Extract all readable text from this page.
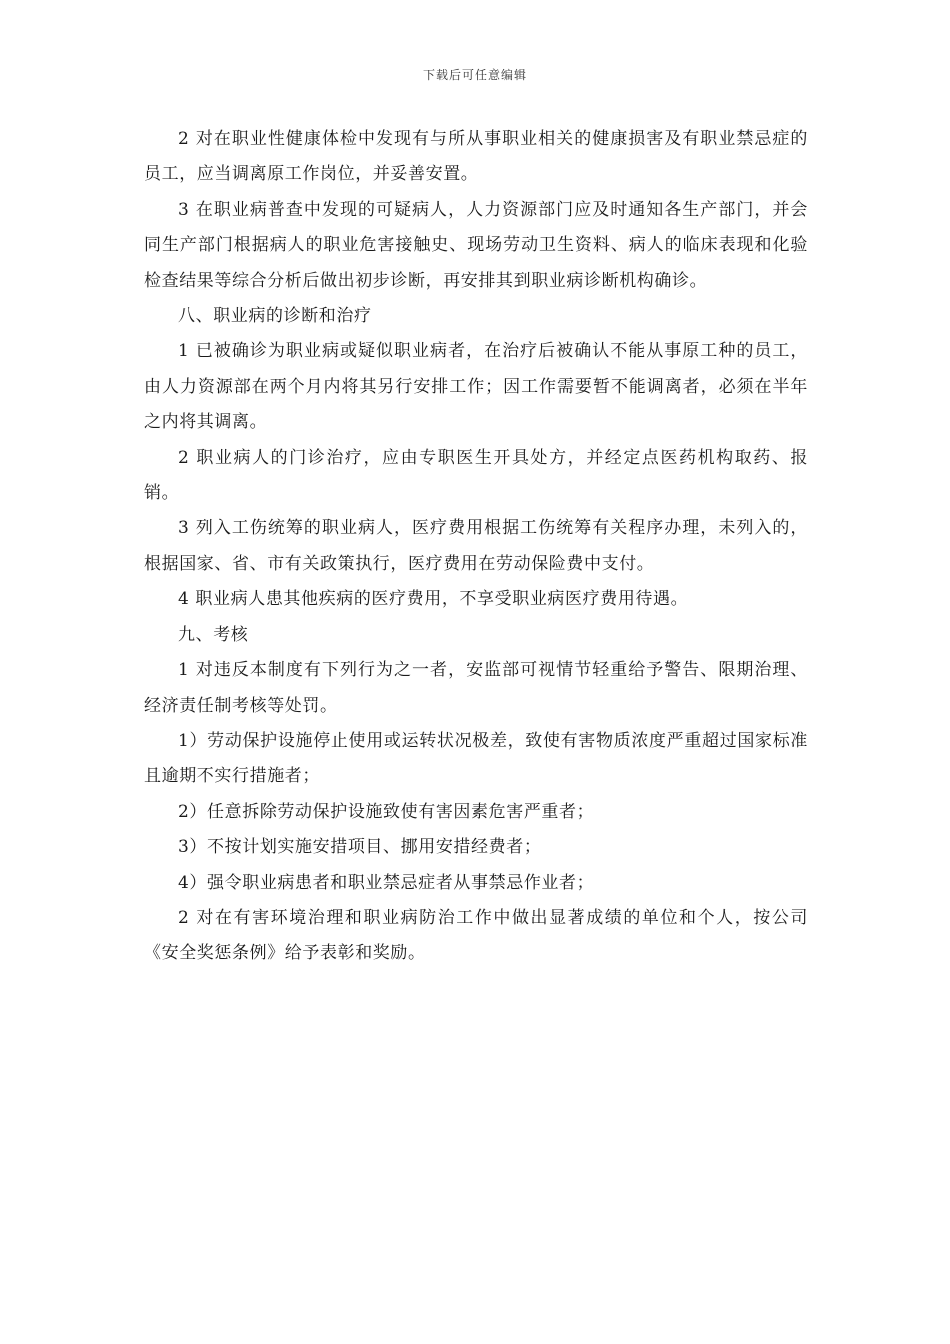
下载后可任意编辑

2 对在职业性健康体检中发现有与所从事职业相关的健康损害及有职业禁忌症的员工，应当调离原工作岗位，并妥善安置。

3 在职业病普查中发现的可疑病人，人力资源部门应及时通知各生产部门，并会同生产部门根据病人的职业危害接触史、现场劳动卫生资料、病人的临床表现和化验检查结果等综合分析后做出初步诊断，再安排其到职业病诊断机构确诊。

八、职业病的诊断和治疗

1 已被确诊为职业病或疑似职业病者，在治疗后被确认不能从事原工种的员工，由人力资源部在两个月内将其另行安排工作；因工作需要暂不能调离者，必须在半年之内将其调离。

2 职业病人的门诊治疗，应由专职医生开具处方，并经定点医药机构取药、报销。

3 列入工伤统筹的职业病人，医疗费用根据工伤统筹有关程序办理，未列入的，根据国家、省、市有关政策执行，医疗费用在劳动保险费中支付。

4 职业病人患其他疾病的医疗费用，不享受职业病医疗费用待遇。

九、考核

1 对违反本制度有下列行为之一者，安监部可视情节轻重给予警告、限期治理、经济责任制考核等处罚。

1）劳动保护设施停止使用或运转状况极差，致使有害物质浓度严重超过国家标准且逾期不实行措施者；

2）任意拆除劳动保护设施致使有害因素危害严重者；

3）不按计划实施安措项目、挪用安措经费者；

4）强令职业病患者和职业禁忌症者从事禁忌作业者；

2 对在有害环境治理和职业病防治工作中做出显著成绩的单位和个人，按公司《安全奖惩条例》给予表彰和奖励。
